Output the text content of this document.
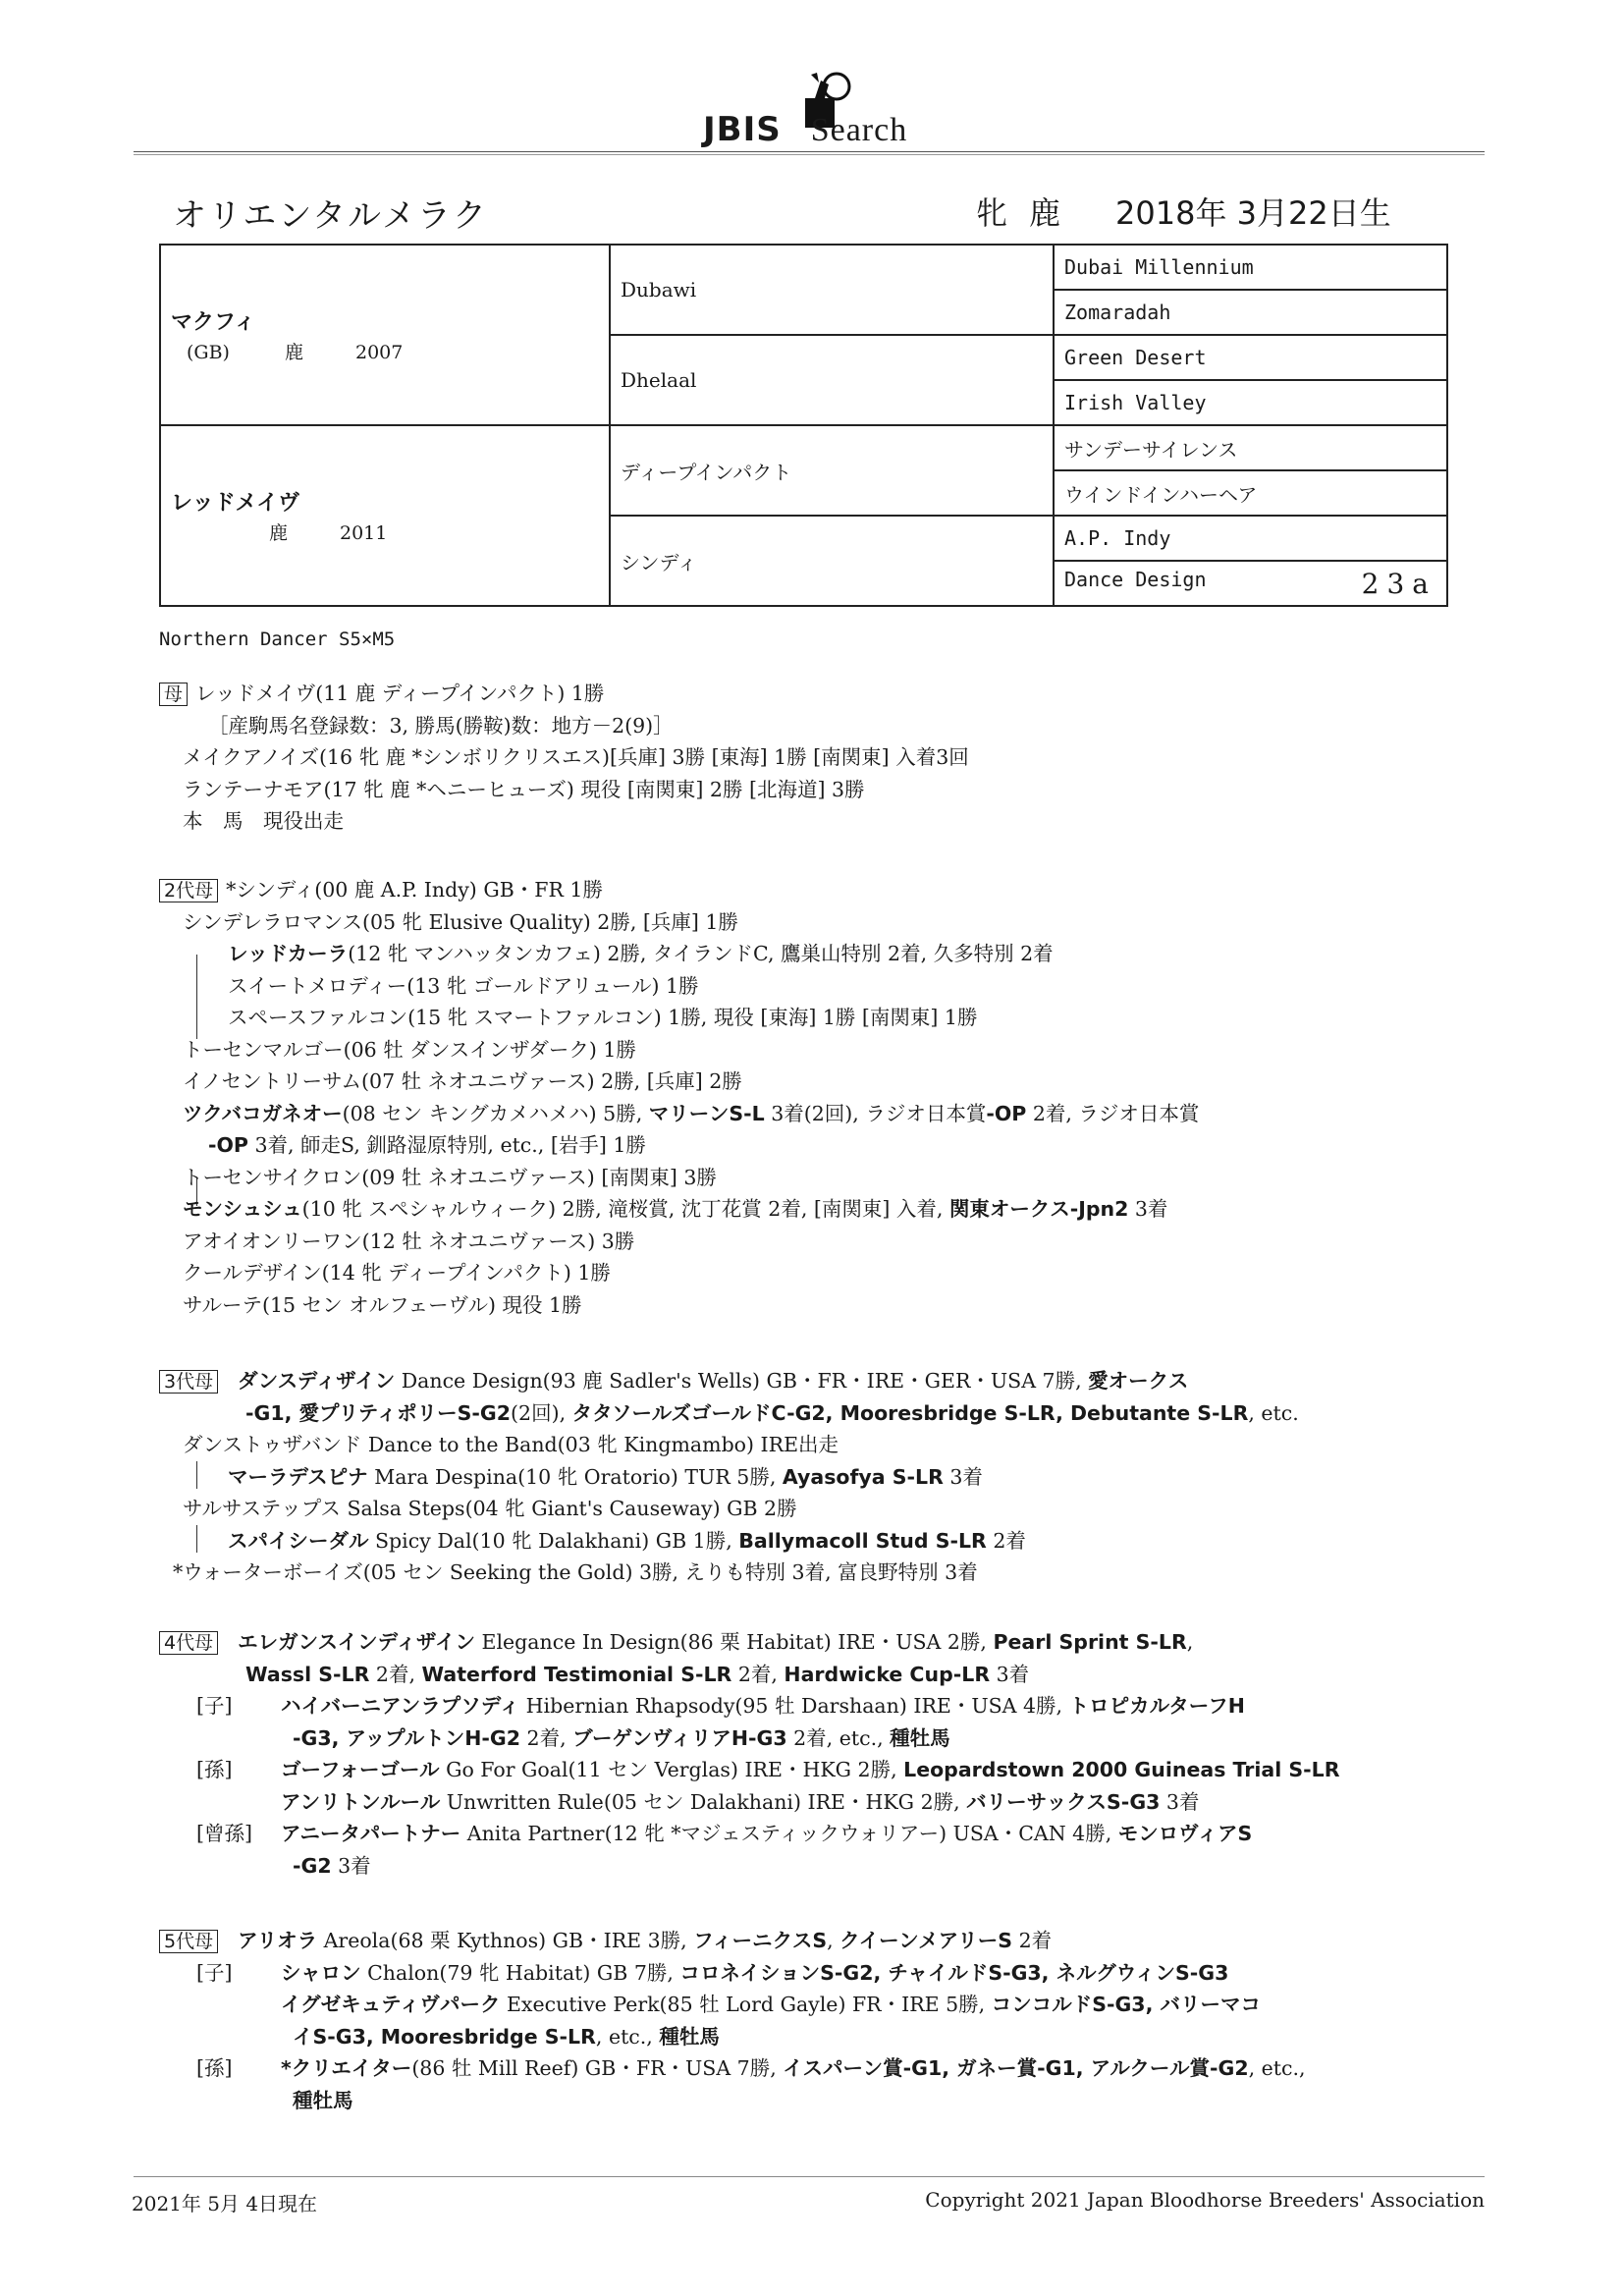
JBIS Search
オリエンタルメラク	牝 鹿 2018年 3月22日生
マクフィ
(GB) 鹿 2007	Dubawi	Dubai Millennium
		Zomaradah
	Dhelaal	Green Desert
		Irish Valley

レッドメイヴ
鹿 2011	ディープインパクト	サンデーサイレンス
		ウインドインハーヘア
	シンディ	A.P. Indy
		Dance Design 23a
Northern Dancer S5×M5
母 レッドメイヴ(11 鹿 ディープインパクト) 1勝
［産駒馬名登録数：3, 勝馬(勝鞍)数：地方－2(9)］
メイクアノイズ(16 牝 鹿 *シンボリクリスエス)[兵庫] 3勝 [東海] 1勝 [南関東] 入着3回
ランテーナモア(17 牝 鹿 *ヘニーヒューズ) 現役 [南関東] 2勝 [北海道] 3勝
本　馬　現役出走
2代母 *シンディ(00 鹿 A.P. Indy) GB・FR 1勝
シンデレラロマンス(05 牝 Elusive Quality) 2勝, [兵庫] 1勝
レッドカーラ(12 牝 マンハッタンカフェ) 2勝, タイランドC, 鷹巣山特別 2着, 久多特別 2着
スイートメロディー(13 牝 ゴールドアリュール) 1勝
スペースファルコン(15 牝 スマートファルコン) 1勝, 現役 [東海] 1勝 [南関東] 1勝
トーセンマルゴー(06 牡 ダンスインザダーク) 1勝
イノセントリーサム(07 牡 ネオユニヴァース) 2勝, [兵庫] 2勝
ツクバコガネオー(08 セン キングカメハメハ) 5勝, マリーンS-L 3着(2回), ラジオ日本賞-OP 2着, ラジオ日本賞
-OP 3着, 師走S, 釧路湿原特別, etc., [岩手] 1勝
トーセンサイクロン(09 牡 ネオユニヴァース) [南関東] 3勝
モンシュシュ(10 牝 スペシャルウィーク) 2勝, 滝桜賞, 沈丁花賞 2着, [南関東] 入着, 関東オークス-Jpn2 3着
アオイオンリーワン(12 牡 ネオユニヴァース) 3勝
クールデザイン(14 牝 ディープインパクト) 1勝
サルーテ(15 セン オルフェーヴル) 現役 1勝
3代母 ダンスディザイン Dance Design(93 鹿 Sadler's Wells) GB・FR・IRE・GER・USA 7勝, 愛オークス
-G1, 愛プリティポリーS-G2(2回), タタソールズゴールドC-G2, Mooresbridge S-LR, Debutante S-LR, etc.
ダンストゥザバンド Dance to the Band(03 牝 Kingmambo) IRE出走
マーラデスピナ Mara Despina(10 牝 Oratorio) TUR 5勝, Ayasofya S-LR 3着
サルサステップス Salsa Steps(04 牝 Giant's Causeway) GB 2勝
スパイシーダル Spicy Dal(10 牝 Dalakhani) GB 1勝, Ballymacoll Stud S-LR 2着
*ウォーターボーイズ(05 セン Seeking the Gold) 3勝, えりも特別 3着, 富良野特別 3着
4代母 エレガンスインディザイン Elegance In Design(86 栗 Habitat) IRE・USA 2勝, Pearl Sprint S-LR,
Wassl S-LR 2着, Waterford Testimonial S-LR 2着, Hardwicke Cup-LR 3着
[子] ハイバーニアンラプソディ Hibernian Rhapsody(95 牡 Darshaan) IRE・USA 4勝, トロピカルターフH
-G3, アップルトンH-G2 2着, ブーゲンヴィリアH-G3 2着, etc., 種牡馬
[孫] ゴーフォーゴール Go For Goal(11 セン Verglas) IRE・HKG 2勝, Leopardstown 2000 Guineas Trial S-LR
アンリトンルール Unwritten Rule(05 セン Dalakhani) IRE・HKG 2勝, バリーサックスS-G3 3着
[曾孫] アニータパートナー Anita Partner(12 牝 *マジェスティックウォリアー) USA・CAN 4勝, モンロヴィアS
-G2 3着
5代母 アリオラ Areola(68 栗 Kythnos) GB・IRE 3勝, フィーニクスS, クイーンメアリーS 2着
[子] シャロン Chalon(79 牝 Habitat) GB 7勝, コロネイションS-G2, チャイルドS-G3, ネルグウィンS-G3
イグゼキュティヴパーク Executive Perk(85 牡 Lord Gayle) FR・IRE 5勝, コンコルドS-G3, バリーマコ
イS-G3, Mooresbridge S-LR, etc., 種牡馬
[孫] *クリエイター(86 牡 Mill Reef) GB・FR・USA 7勝, イスパーン賞-G1, ガネー賞-G1, アルクール賞-G2, etc.,
種牡馬
2021年 5月 4日現在	Copyright 2021 Japan Bloodhorse Breeders' Association
